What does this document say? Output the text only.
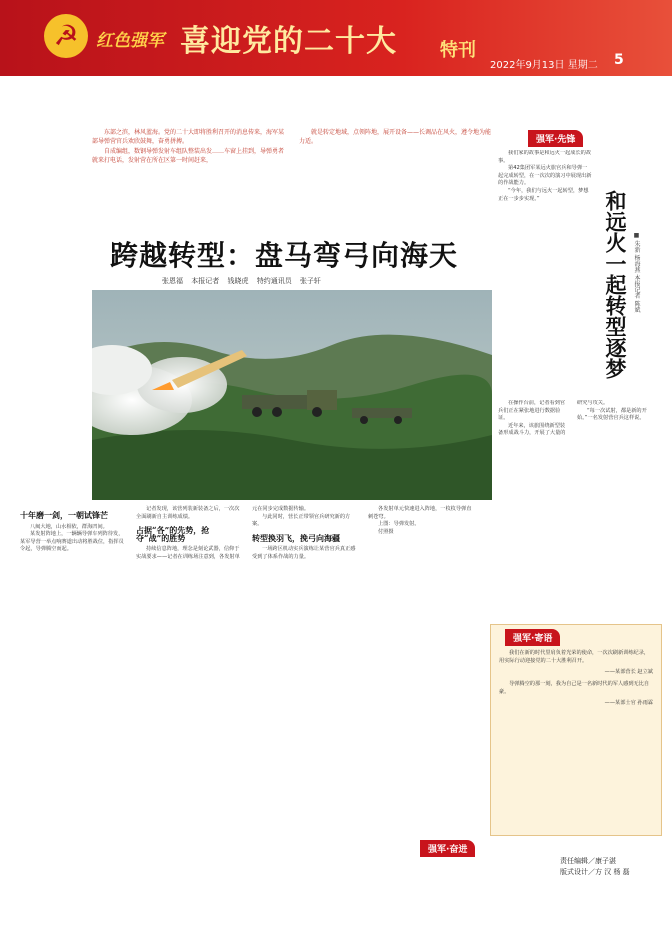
☭	红色强军 喜迎党的二十大 特刊
2022年9月13日 星期二 5

东部之滨，林风蓝海。党的二十大即将胜利召开的消息传来，海军某部导弹营官兵欢欣鼓舞，奋勇拼搏。

自成编组，数钢导弹发射车组队整装出发……车窗上挂到，导弹勇者就来打电话，发射营在所在区第一时间赶来，

就是转定地域，点领阵地，展开设备——长调品在风火，遵令地为能力适。

跨越转型：盘马弯弓向海天
张恩福 本报记者 钱晓虎 特约通讯员 张子轩
十年磨一剑，一朝试锋芒

八闽大地，山水相依，群海凹间。

某发射阵地上，一辆辆导弹车列阵待发，某军导营一举点响赛道出动将胜战位，指挥员令起，导弹腾空而起。

记者发现，该营列装新装备之后，一次次全面刷新自主训练成绩。

占据“各”的先势，抢夺“战”的胜势

持续信息阵地，理念是刻论武器，信仰于实战要求——记者在训练场注意到，各发射单元在同步完成数据传输。

与此同时，营长正带领官兵研究新的方案。

转型换羽飞，挽弓向海疆

一场跨区机动实兵演练让某营官兵真正感受到了体系作战的力量。

各发射单元快速进入阵地，一枚枚导弹直刺苍穹。

上图：导弹发射。

付照摄

强军·先锋

我们家的故事是和远火一起成长的故事。

第42集团军某远火旅官兵和导弹一起完成转型，在一次次的演习中展现出新的作战能力。

“今年，我们与远火一起转型，梦想正在一步步实现。”	和远火一起转型逐梦 ■ 朱新 杨海燕 本报记者 陈斌

在操作台前，记者看到官兵们正在紧张地进行数据验证。

近年来，该旅围绕新型装备形成战斗力，开展了大量的研究与攻关。

“每一次试射，都是新的开始。”一名发射营官兵这样说。

强军·寄语

我们在新的时代里肩负着光荣的使命，一次次刷新训练纪录，用实际行动迎接党的二十大胜利召开。

——某部营长 赵立斌

导弹腾空的那一刻，我为自己是一名新时代的军人感到无比自豪。

——某部士官 孙雨霖
强军·奋进
责任编辑／康子湛
版式设计／方 汉 杨 磊
